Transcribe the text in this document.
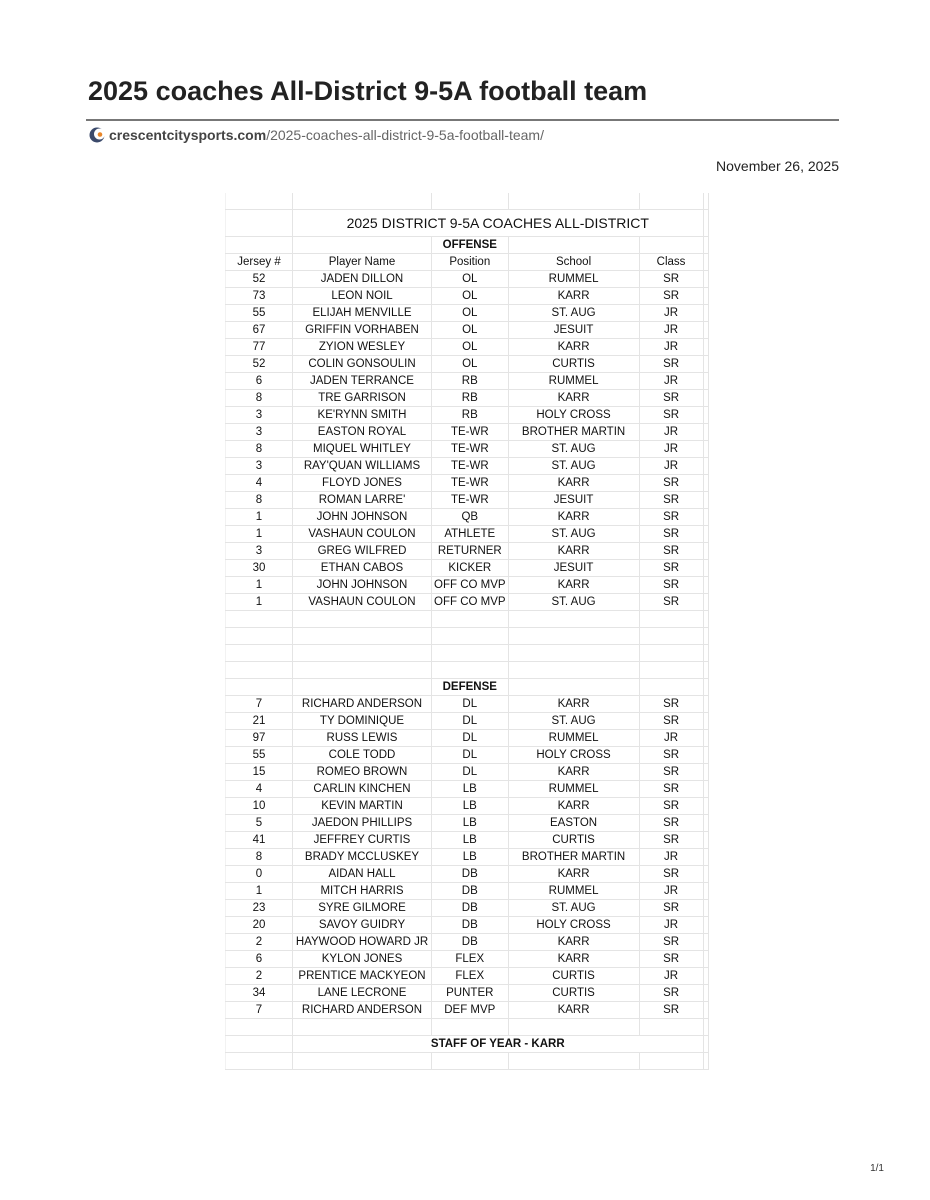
2025 coaches All-District 9-5A football team
crescentcitysports.com/2025-coaches-all-district-9-5a-football-team/
November 26, 2025

	2025 DISTRICT 9-5A COACHES ALL-DISTRICT				
		OFFENSE			
Jersey #	Player Name	Position	School	Class	
52	JADEN DILLON	OL	RUMMEL	SR	
73	LEON NOIL	OL	KARR	SR	
55	ELIJAH MENVILLE	OL	ST. AUG	JR	
67	GRIFFIN VORHABEN	OL	JESUIT	JR	
77	ZYION WESLEY	OL	KARR	JR	
52	COLIN GONSOULIN	OL	CURTIS	SR	
6	JADEN TERRANCE	RB	RUMMEL	JR	
8	TRE GARRISON	RB	KARR	SR	
3	KE'RYNN SMITH	RB	HOLY CROSS	SR	
3	EASTON ROYAL	TE-WR	BROTHER MARTIN	JR	
8	MIQUEL WHITLEY	TE-WR	ST. AUG	JR	
3	RAY'QUAN WILLIAMS	TE-WR	ST. AUG	JR	
4	FLOYD JONES	TE-WR	KARR	SR	
8	ROMAN LARRE'	TE-WR	JESUIT	SR	
1	JOHN JOHNSON	QB	KARR	SR	
1	VASHAUN COULON	ATHLETE	ST. AUG	SR	
3	GREG WILFRED	RETURNER	KARR	SR	
30	ETHAN CABOS	KICKER	JESUIT	SR	
1	JOHN JOHNSON	OFF CO MVP	KARR	SR	
1	VASHAUN COULON	OFF CO MVP	ST. AUG	SR	

		DEFENSE			
7	RICHARD ANDERSON	DL	KARR	SR	
21	TY DOMINIQUE	DL	ST. AUG	SR	
97	RUSS LEWIS	DL	RUMMEL	JR	
55	COLE TODD	DL	HOLY CROSS	SR	
15	ROMEO BROWN	DL	KARR	SR	
4	CARLIN KINCHEN	LB	RUMMEL	SR	
10	KEVIN MARTIN	LB	KARR	SR	
5	JAEDON PHILLIPS	LB	EASTON	SR	
41	JEFFREY CURTIS	LB	CURTIS	SR	
8	BRADY MCCLUSKEY	LB	BROTHER MARTIN	JR	
0	AIDAN HALL	DB	KARR	SR	
1	MITCH HARRIS	DB	RUMMEL	JR	
23	SYRE GILMORE	DB	ST. AUG	SR	
20	SAVOY GUIDRY	DB	HOLY CROSS	JR	
2	HAYWOOD HOWARD JR	DB	KARR	SR	
6	KYLON JONES	FLEX	KARR	SR	
2	PRENTICE MACKYEON	FLEX	CURTIS	JR	
34	LANE LECRONE	PUNTER	CURTIS	SR	
7	RICHARD ANDERSON	DEF MVP	KARR	SR	

	STAFF OF YEAR - KARR				

1/1
